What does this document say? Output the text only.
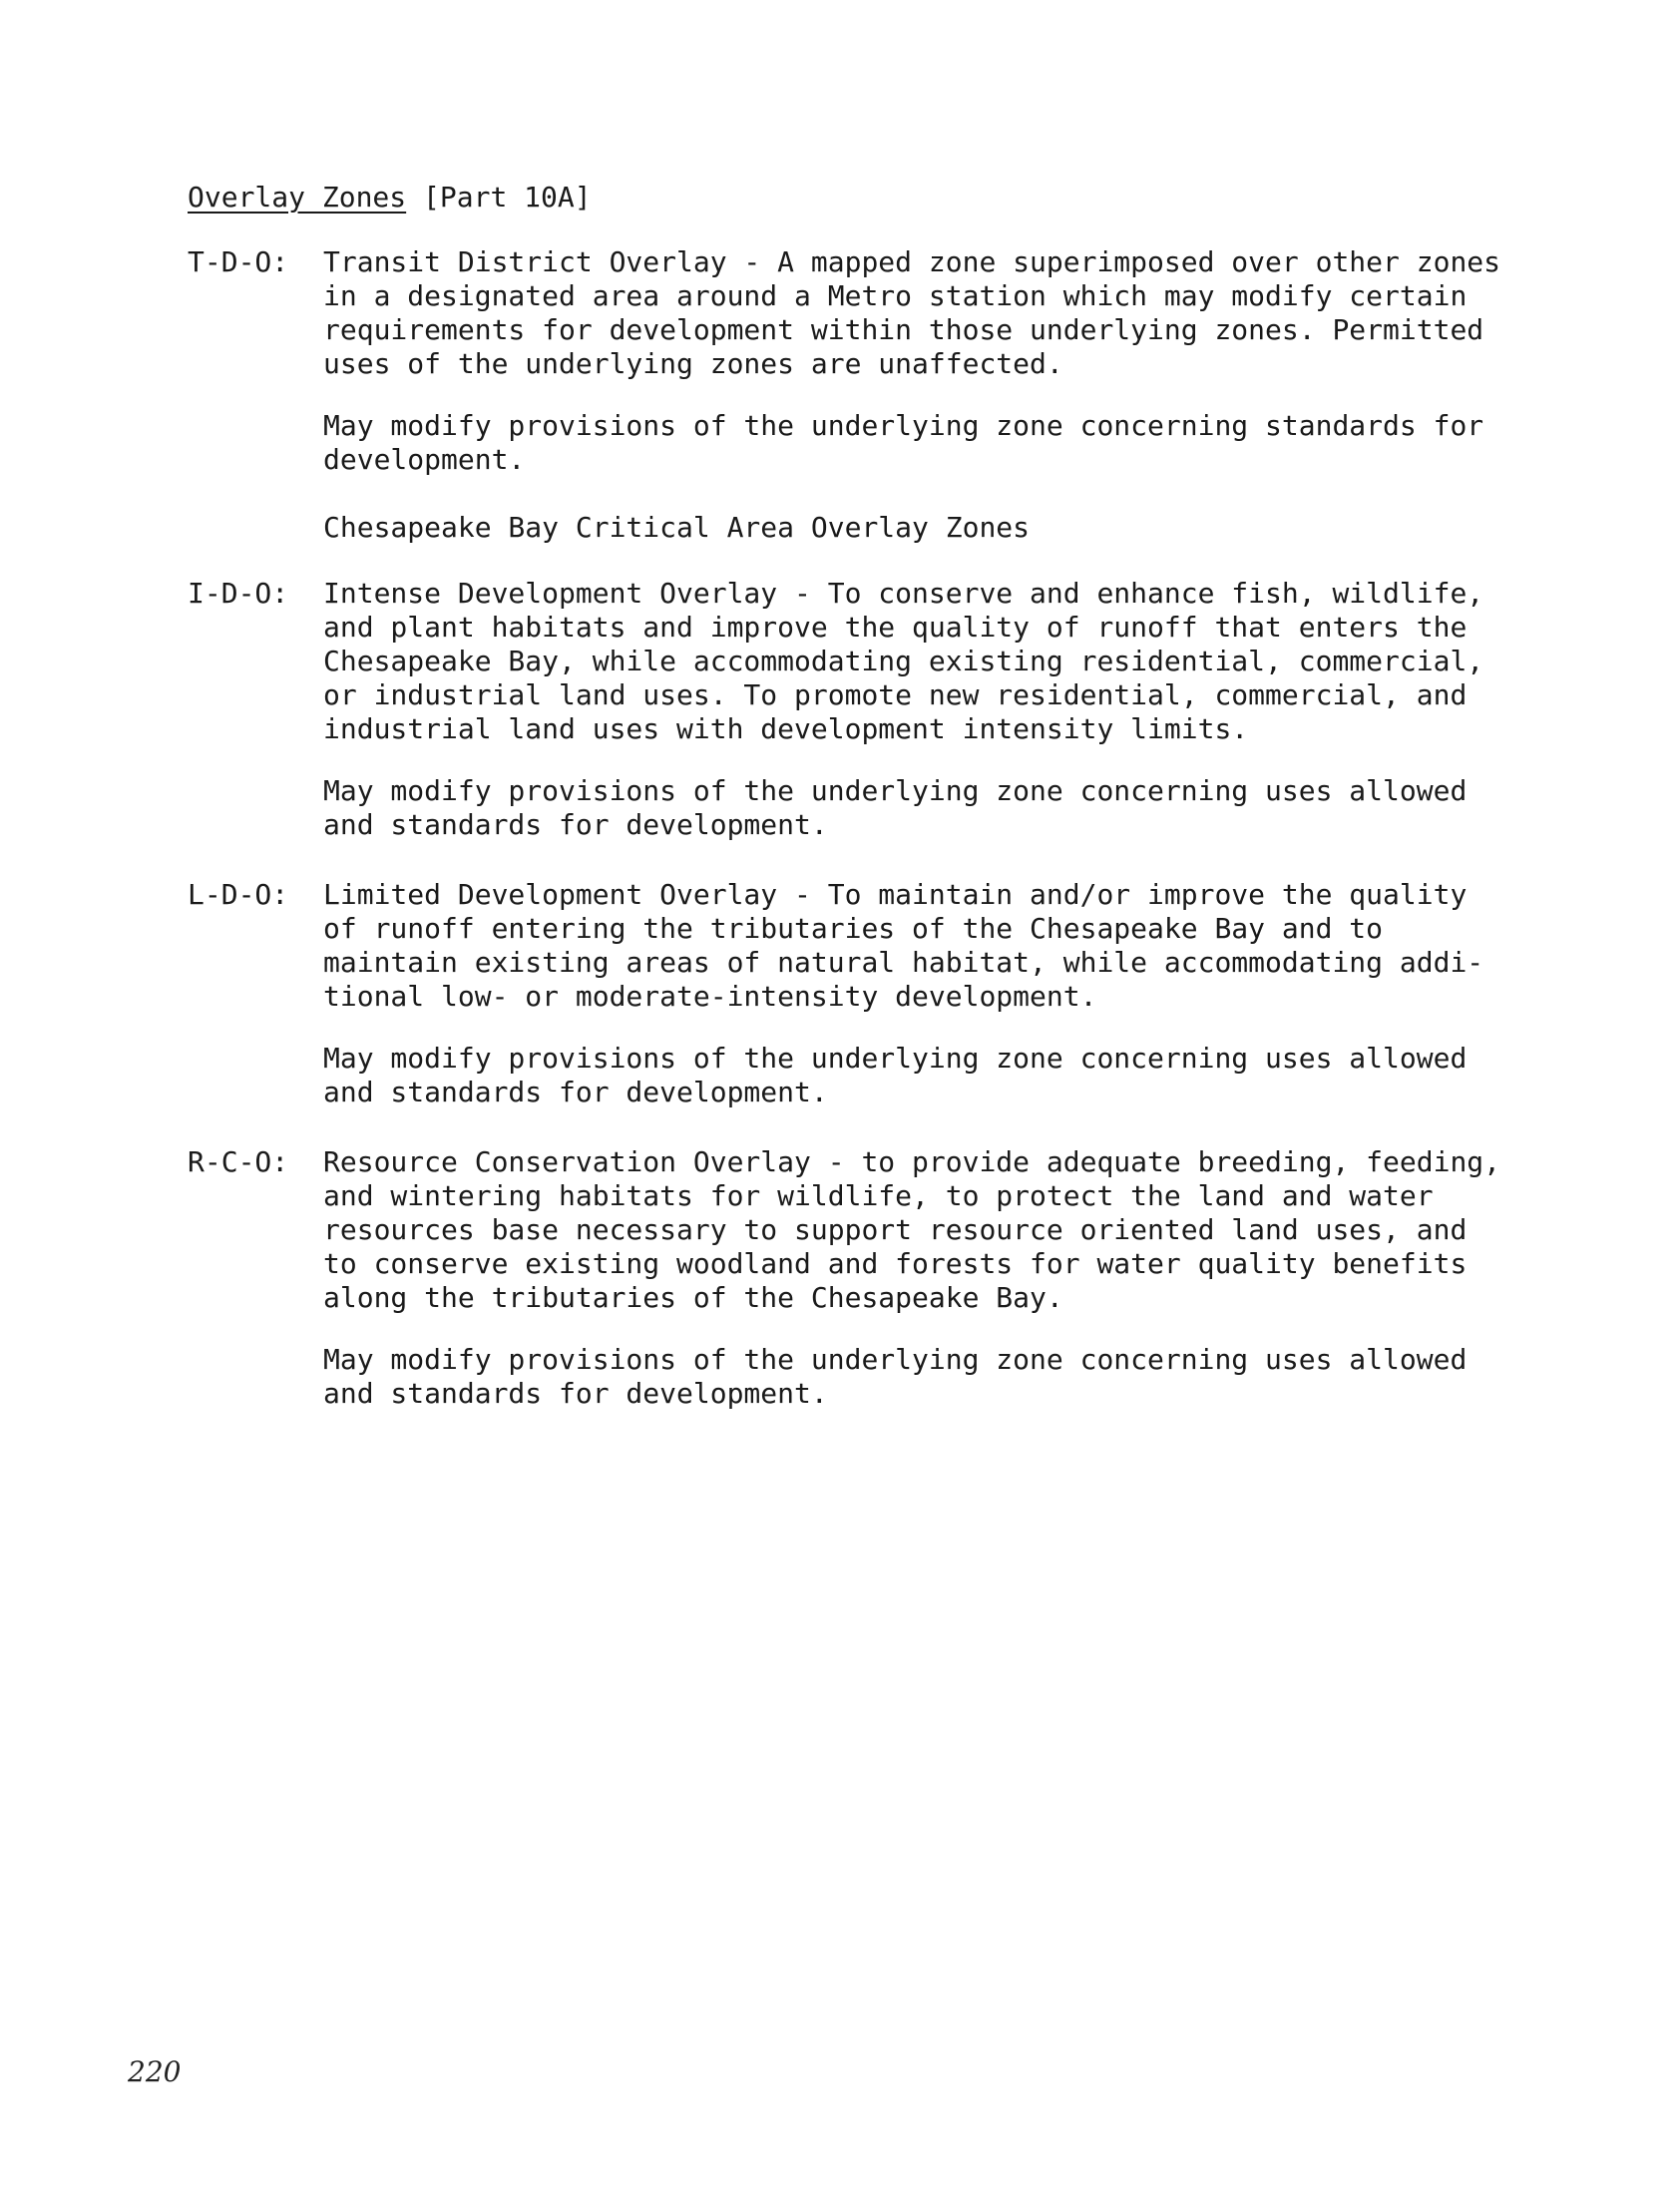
Overlay Zones [Part 10A]
T-D-O: Transit District Overlay - A mapped zone superimposed over other zones
in a designated area around a Metro station which may modify certain
requirements for development within those underlying zones. Permitted
uses of the underlying zones are unaffected.
May modify provisions of the underlying zone concerning standards for
development.
Chesapeake Bay Critical Area Overlay Zones
I-D-O: Intense Development Overlay - To conserve and enhance fish, wildlife,
and plant habitats and improve the quality of runoff that enters the
Chesapeake Bay, while accommodating existing residential, commercial,
or industrial land uses. To promote new residential, commercial, and
industrial land uses with development intensity limits.
May modify provisions of the underlying zone concerning uses allowed
and standards for development.
L-D-O: Limited Development Overlay - To maintain and/or improve the quality
of runoff entering the tributaries of the Chesapeake Bay and to
maintain existing areas of natural habitat, while accommodating addi-
tional low- or moderate-intensity development.
May modify provisions of the underlying zone concerning uses allowed
and standards for development.
R-C-O: Resource Conservation Overlay - to provide adequate breeding, feeding,
and wintering habitats for wildlife, to protect the land and water
resources base necessary to support resource oriented land uses, and
to conserve existing woodland and forests for water quality benefits
along the tributaries of the Chesapeake Bay.
May modify provisions of the underlying zone concerning uses allowed
and standards for development.
220
